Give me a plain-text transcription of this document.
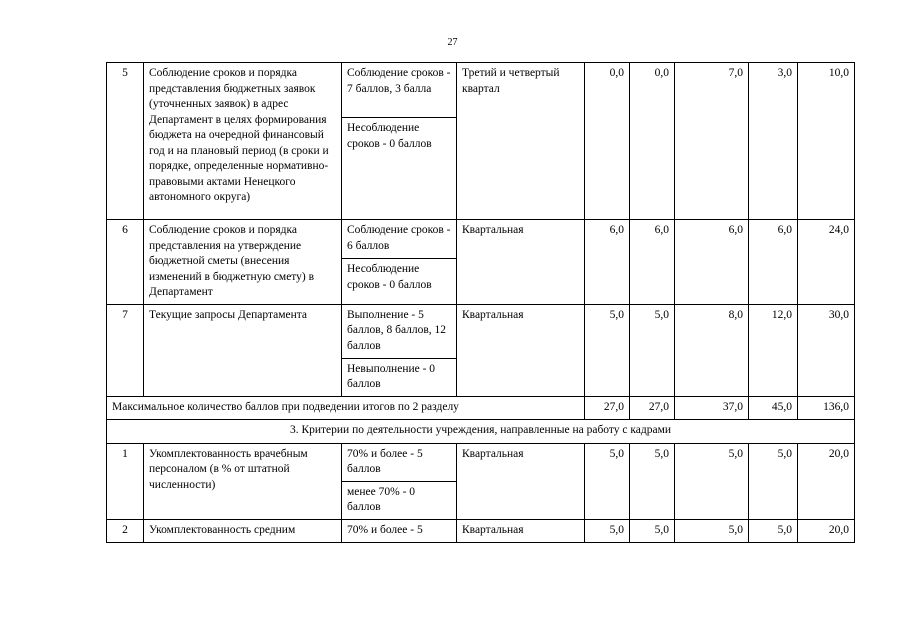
27
5	Соблюдение сроков и порядка представления бюджетных заявок (уточненных заявок) в адрес Департамент в целях формирования бюджета на очередной финансовый год и на плановый период (в сроки и порядке, определенные нормативно-правовыми актами Ненецкого автономного округа)	Соблюдение сроков - 7 баллов, 3 балла	Третий и четвертый квартал	0,0	0,0	7,0	3,0	10,0
		Несоблюдение сроков - 0 баллов						
6	Соблюдение сроков и порядка представления на утверждение бюджетной сметы (внесения изменений в бюджетную смету) в Департамент	Соблюдение сроков - 6 баллов	Квартальная	6,0	6,0	6,0	6,0	24,0
		Несоблюдение сроков - 0 баллов						
7	Текущие запросы Департамента	Выполнение - 5 баллов, 8 баллов, 12 баллов	Квартальная	5,0	5,0	8,0	12,0	30,0
		Невыполнение - 0 баллов						
Максимальное количество баллов при подведении итогов по 2 разделу				27,0	27,0	37,0	45,0	136,0
3. Критерии по деятельности учреждения, направленные на работу с кадрами								
1	Укомплектованность врачебным персоналом (в % от штатной численности)	70% и более - 5 баллов	Квартальная	5,0	5,0	5,0	5,0	20,0
		менее 70% - 0 баллов						
2	Укомплектованность средним	70% и более - 5	Квартальная	5,0	5,0	5,0	5,0	20,0
